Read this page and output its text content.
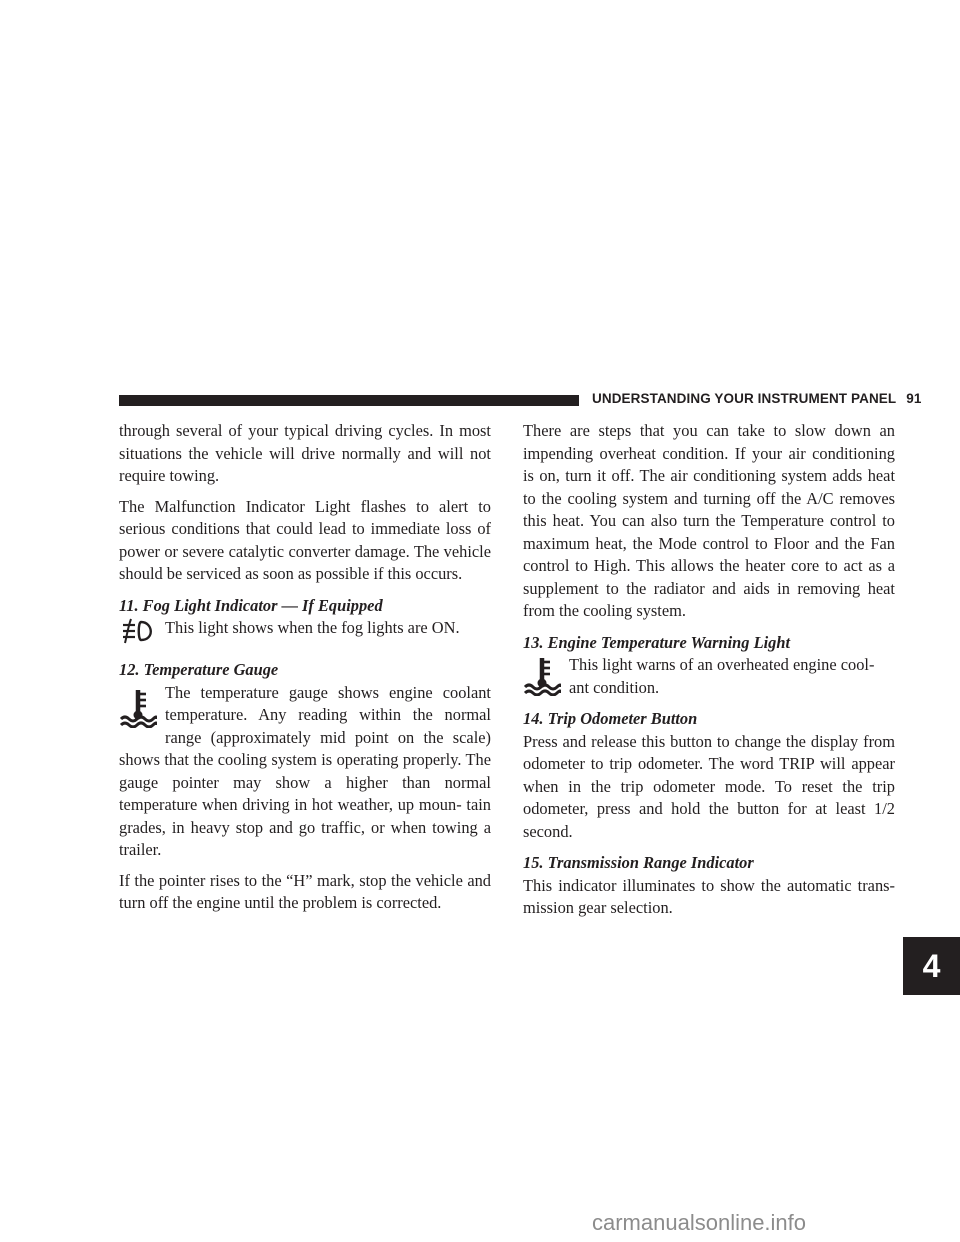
UNDERSTANDING YOUR INSTRUMENT PANEL 91
4

through several of your typical driving cycles. In most situations the vehicle will drive normally and will not require towing.

The Malfunction Indicator Light flashes to alert to serious conditions that could lead to immediate loss of power or severe catalytic converter damage. The vehicle should be serviced as soon as possible if this occurs.

11. Fog Light Indicator — If Equipped

This light shows when the fog lights are ON.

12. Temperature Gauge

The temperature gauge shows engine coolant temperature. Any reading within the normal range (approximately mid point on the scale) shows that the cooling system is operating properly. The gauge pointer may show a higher than normal temperature when driving in hot weather, up moun- tain grades, in heavy stop and go traffic, or when towing a trailer.

If the pointer rises to the “H” mark, stop the vehicle and turn off the engine until the problem is corrected.

There are steps that you can take to slow down an impending overheat condition. If your air conditioning is on, turn it off. The air conditioning system adds heat to the cooling system and turning off the A/C removes this heat. You can also turn the Temperature control to maximum heat, the Mode control to Floor and the Fan control to High. This allows the heater core to act as a supplement to the radiator and aids in removing heat from the cooling system.

13. Engine Temperature Warning Light

This light warns of an overheated engine cool- ant condition.

14. Trip Odometer Button

Press and release this button to change the display from odometer to trip odometer. The word TRIP will appear when in the trip odometer mode. To reset the trip odometer, press and hold the button for at least 1/2 second.

15. Transmission Range Indicator

This indicator illuminates to show the automatic trans- mission gear selection.

carmanualsonline.info
